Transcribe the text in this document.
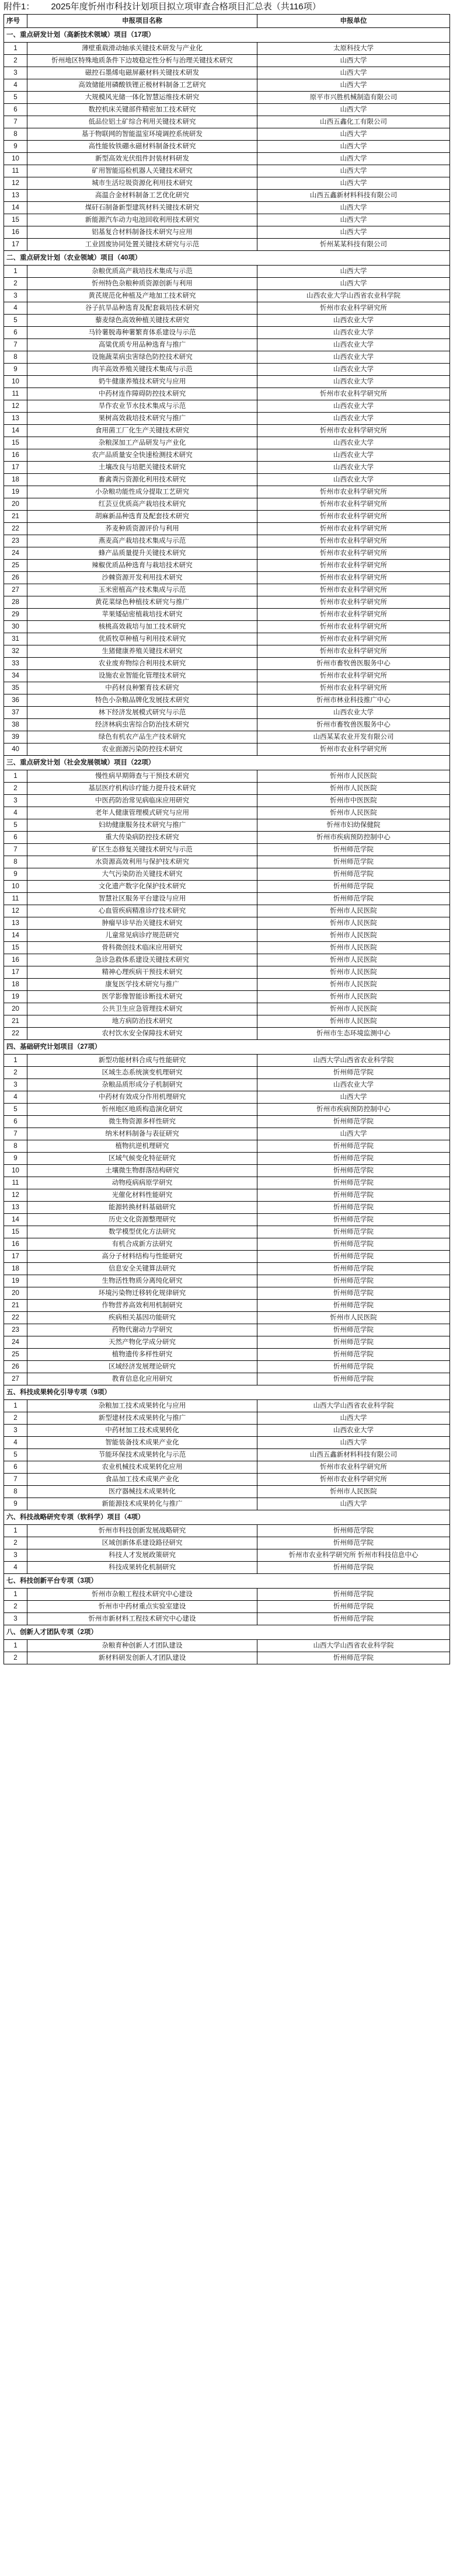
附件1： 2025年度忻州市科技计划项目拟立项审查合格项目汇总表（共116项）
序号	申报项目名称	申报单位
一、重点研发计划（高新技术领域）项目（17项）		
1	薄壁重载滑动轴承关键技术研发与产业化	太原科技大学
2	忻州地区特殊地质条件下边坡稳定性分析与治理关键技术研究	山西大学
3	磁控石墨烯电磁屏蔽材料关键技术研发	山西大学
4	高效储能用磷酸铁锂正极材料制备工艺研究	山西大学
5	大规模风光储一体化智慧运维技术研究	原平市兴胜机械制造有限公司
6	数控机床关键部件精密加工技术研究	山西大学
7	低品位铝土矿综合利用关键技术研究	山西五鑫化工有限公司
8	基于物联网的智能温室环境调控系统研发	山西大学
9	高性能钕铁硼永磁材料制备技术研究	山西大学
10	新型高效光伏组件封装材料研发	山西大学
11	矿用智能巡检机器人关键技术研究	山西大学
12	城市生活垃圾资源化利用技术研究	山西大学
13	高温合金材料制备工艺优化研究	山西五鑫新材料科技有限公司
14	煤矸石制备新型建筑材料关键技术研究	山西大学
15	新能源汽车动力电池回收利用技术研究	山西大学
16	铝基复合材料制备技术研究与应用	山西大学
17	工业固废协同处置关键技术研究与示范	忻州某某科技有限公司
二、重点研发计划（农业领域）项目（40项）		
1	杂粮优质高产栽培技术集成与示范	山西大学
2	忻州特色杂粮种质资源创新与利用	山西大学
3	黄芪规范化种植及产地加工技术研究	山西农业大学山西省农业科学院
4	谷子抗旱品种选育及配套栽培技术研究	忻州市农业科学研究所
5	藜麦绿色高效种植关键技术研究	山西农业大学
6	马铃薯脱毒种薯繁育体系建设与示范	山西农业大学
7	高粱优质专用品种选育与推广	山西农业大学
8	设施蔬菜病虫害绿色防控技术研究	山西农业大学
9	肉羊高效养殖关键技术集成与示范	山西农业大学
10	奶牛健康养殖技术研究与应用	山西农业大学
11	中药材连作障碍防控技术研究	忻州市农业科学研究所
12	旱作农业节水技术集成与示范	山西农业大学
13	果树高效栽培技术研究与推广	山西农业大学
14	食用菌工厂化生产关键技术研究	忻州市农业科学研究所
15	杂粮深加工产品研发与产业化	山西农业大学
16	农产品质量安全快速检测技术研究	山西农业大学
17	土壤改良与培肥关键技术研究	山西农业大学
18	畜禽粪污资源化利用技术研究	山西农业大学
19	小杂粮功能性成分提取工艺研究	忻州市农业科学研究所
20	红芸豆优质高产栽培技术研究	忻州市农业科学研究所
21	胡麻新品种选育及配套技术研究	忻州市农业科学研究所
22	荞麦种质资源评价与利用	忻州市农业科学研究所
23	燕麦高产栽培技术集成与示范	忻州市农业科学研究所
24	蜂产品质量提升关键技术研究	忻州市农业科学研究所
25	辣椒优质品种选育与栽培技术研究	忻州市农业科学研究所
26	沙棘资源开发利用技术研究	忻州市农业科学研究所
27	玉米密植高产技术集成与示范	忻州市农业科学研究所
28	黄花菜绿色种植技术研究与推广	忻州市农业科学研究所
29	苹果矮砧密植栽培技术研究	忻州市农业科学研究所
30	核桃高效栽培与加工技术研究	忻州市农业科学研究所
31	优质牧草种植与利用技术研究	忻州市农业科学研究所
32	生猪健康养殖关键技术研究	忻州市农业科学研究所
33	农业废弃物综合利用技术研究	忻州市畜牧兽医服务中心
34	设施农业智能化管理技术研究	忻州市农业科学研究所
35	中药材良种繁育技术研究	忻州市农业科学研究所
36	特色小杂粮品牌化发展技术研究	忻州市林业科技推广中心
37	林下经济发展模式研究与示范	山西农业大学
38	经济林病虫害综合防治技术研究	忻州市畜牧兽医服务中心
39	绿色有机农产品生产技术研究	山西某某农业开发有限公司
40	农业面源污染防控技术研究	忻州市农业科学研究所
三、重点研发计划（社会发展领域）项目（22项）		
1	慢性病早期筛查与干预技术研究	忻州市人民医院
2	基层医疗机构诊疗能力提升技术研究	忻州市人民医院
3	中医药防治常见病临床应用研究	忻州市中医医院
4	老年人健康管理模式研究与应用	忻州市人民医院
5	妇幼健康服务技术研究与推广	忻州市妇幼保健院
6	重大传染病防控技术研究	忻州市疾病预防控制中心
7	矿区生态修复关键技术研究与示范	忻州师范学院
8	水资源高效利用与保护技术研究	忻州师范学院
9	大气污染防治关键技术研究	忻州师范学院
10	文化遗产数字化保护技术研究	忻州师范学院
11	智慧社区服务平台建设与应用	忻州师范学院
12	心血管疾病精准诊疗技术研究	忻州市人民医院
13	肿瘤早诊早治关键技术研究	忻州市人民医院
14	儿童常见病诊疗规范研究	忻州市人民医院
15	骨科微创技术临床应用研究	忻州市人民医院
16	急诊急救体系建设关键技术研究	忻州市人民医院
17	精神心理疾病干预技术研究	忻州市人民医院
18	康复医学技术研究与推广	忻州市人民医院
19	医学影像智能诊断技术研究	忻州市人民医院
20	公共卫生应急管理技术研究	忻州市人民医院
21	地方病防治技术研究	忻州市人民医院
22	农村饮水安全保障技术研究	忻州市生态环境监测中心
四、基础研究计划项目（27项）		
1	新型功能材料合成与性能研究	山西大学山西省农业科学院
2	区域生态系统演变机理研究	忻州师范学院
3	杂粮品质形成分子机制研究	山西农业大学
4	中药材有效成分作用机理研究	山西大学
5	忻州地区地质构造演化研究	忻州市疾病预防控制中心
6	微生物资源多样性研究	忻州师范学院
7	纳米材料制备与表征研究	山西大学
8	植物抗逆机理研究	忻州师范学院
9	区域气候变化特征研究	忻州师范学院
10	土壤微生物群落结构研究	忻州师范学院
11	动物疫病病原学研究	忻州师范学院
12	光催化材料性能研究	忻州师范学院
13	能源转换材料基础研究	忻州师范学院
14	历史文化资源整理研究	忻州师范学院
15	数学模型优化方法研究	忻州师范学院
16	有机合成新方法研究	忻州师范学院
17	高分子材料结构与性能研究	忻州师范学院
18	信息安全关键算法研究	忻州师范学院
19	生物活性物质分离纯化研究	忻州师范学院
20	环境污染物迁移转化规律研究	忻州师范学院
21	作物营养高效利用机制研究	忻州师范学院
22	疾病相关基因功能研究	忻州市人民医院
23	药物代谢动力学研究	忻州师范学院
24	天然产物化学成分研究	忻州师范学院
25	植物遗传多样性研究	忻州师范学院
26	区域经济发展理论研究	忻州师范学院
27	教育信息化应用研究	忻州师范学院
五、科技成果转化引导专项（9项）		
1	杂粮加工技术成果转化与应用	山西大学山西省农业科学院
2	新型建材技术成果转化与推广	山西大学
3	中药材加工技术成果转化	山西农业大学
4	智能装备技术成果产业化	山西大学
5	节能环保技术成果转化与示范	山西五鑫新材料科技有限公司
6	农业机械技术成果转化应用	忻州市农业科学研究所
7	食品加工技术成果产业化	忻州市农业科学研究所
8	医疗器械技术成果转化	忻州市人民医院
9	新能源技术成果转化与推广	山西大学
六、科技战略研究专项（软科学）项目（4项）		
1	忻州市科技创新发展战略研究	忻州师范学院
2	区域创新体系建设路径研究	忻州师范学院
3	科技人才发展政策研究	忻州市农业科学研究所 忻州市科技信息中心
4	科技成果转化机制研究	忻州师范学院
七、科技创新平台专项（3项）		
1	忻州市杂粮工程技术研究中心建设	忻州师范学院
2	忻州市中药材重点实验室建设	忻州师范学院
3	忻州市新材料工程技术研究中心建设	忻州师范学院
八、创新人才团队专项（2项）		
1	杂粮育种创新人才团队建设	山西大学山西省农业科学院
2	新材料研发创新人才团队建设	忻州师范学院
